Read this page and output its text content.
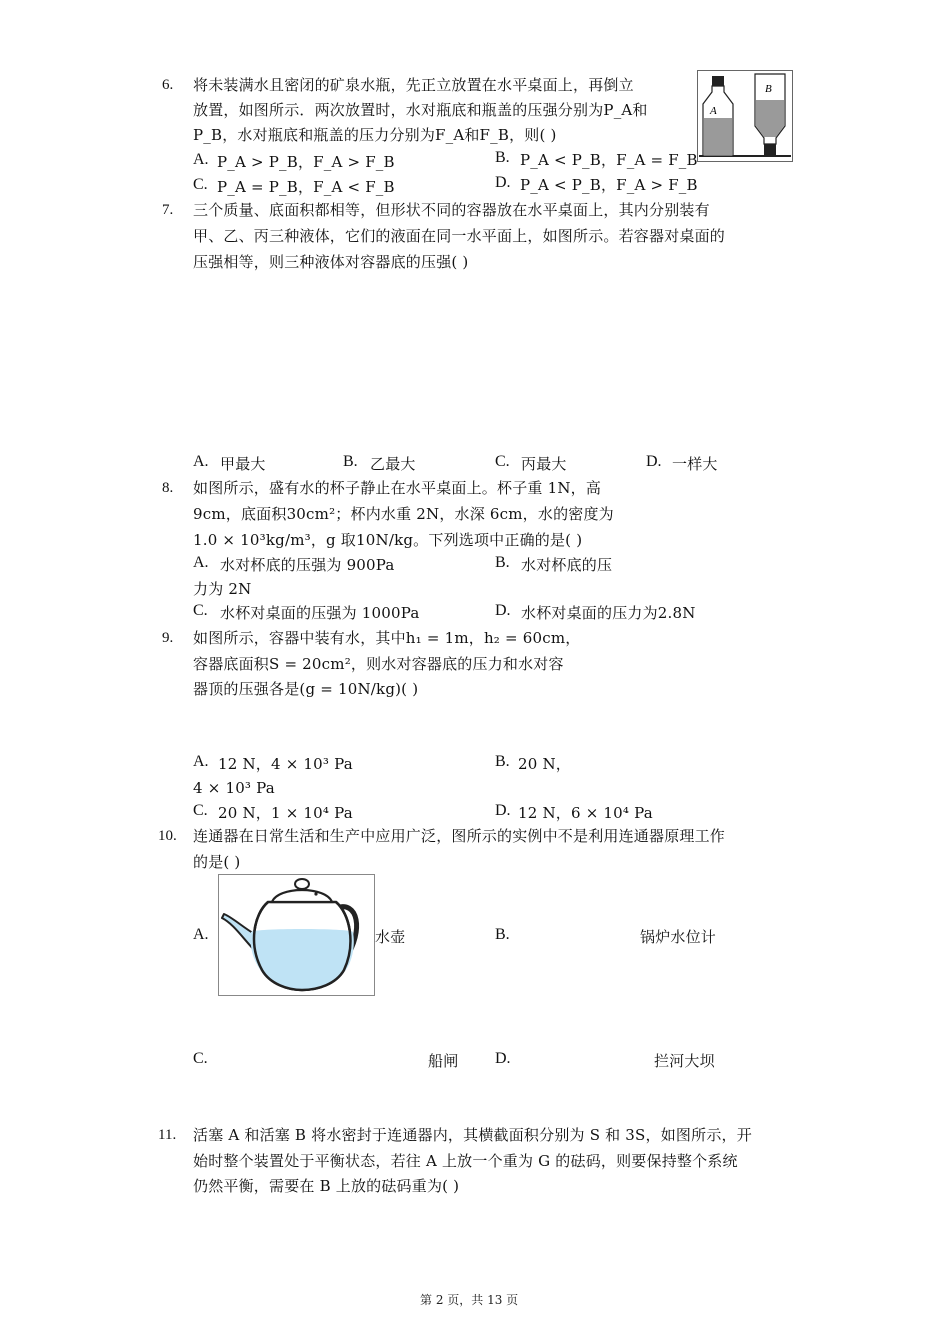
6. 将未装满水且密闭的矿泉水瓶，先正立放置在水平桌面上，再倒立
放置，如图所示．两次放置时，水对瓶底和瓶盖的压强分别为P_A和
P_B，水对瓶底和瓶盖的压力分别为F_A和F_B，则( )
A. P_A > P_B，F_A > F_B	B. P_A < P_B，F_A = F_B
C. P_A = P_B，F_A < F_B	D. P_A < P_B，F_A > F_B
A
B
7. 三个质量、底面积都相等，但形状不同的容器放在水平桌面上，其内分别装有
甲、乙、丙三种液体，它们的液面在同一水平面上，如图所示。若容器对桌面的
压强相等，则三种液体对容器底的压强( )
A. 甲最大	B. 乙最大	C. 丙最大	D. 一样大
8. 如图所示，盛有水的杯子静止在水平桌面上。杯子重 1N，高
9cm，底面积30cm²；杯内水重 2N，水深 6cm，水的密度为
1.0 × 10³kg/m³，g 取10N/kg。下列选项中正确的是( )
A. 水对杯底的压强为 900Pa	B. 水对杯底的压
力为 2N
C. 水杯对桌面的压强为 1000Pa	D. 水杯对桌面的压力为2.8N
9. 如图所示，容器中装有水，其中h₁ = 1m，h₂ = 60cm，
容器底面积S = 20cm²，则水对容器底的压力和水对容
器顶的压强各是(g = 10N/kg)( )
A. 12 N，4 × 10³ Pa	B. 20 N，
4 × 10³ Pa
C. 20 N，1 × 10⁴ Pa	D. 12 N，6 × 10⁴ Pa
10. 连通器在日常生活和生产中应用广泛，图所示的实例中不是利用连通器原理工作
的是( )
A.	水壶	B.	锅炉水位计
C.	船闸 D.	拦河大坝
11. 活塞 A 和活塞 B 将水密封于连通器内，其横截面积分别为 S 和 3S，如图所示，开
始时整个装置处于平衡状态，若往 A 上放一个重为 G 的砝码，则要保持整个系统
仍然平衡，需要在 B 上放的砝码重为( )
第 2 页，共 13 页
